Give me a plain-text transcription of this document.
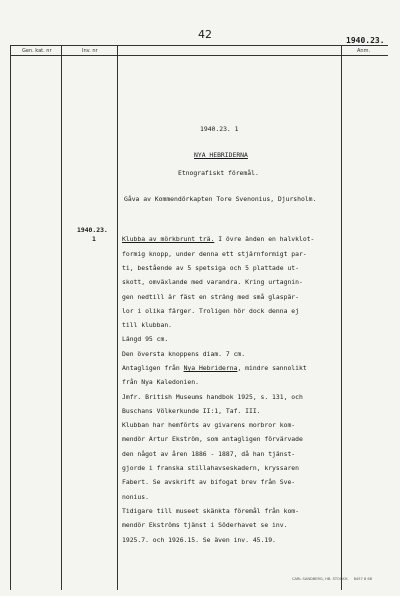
42	1940.23.
Gen. kat. nr	Inv. nr	Anm.
1940.23. 1
NYA HEBRIDERNA
Etnografiskt föremål.
Gåva av Kommendörkapten Tore Svenonius, Djursholm.
1940.23.
1	Klubba av mörkbrunt trä. I övre änden en halvklot-
formig knopp, under denna ett stjärnformigt par-
ti, bestående av 5 spetsiga och 5 plattade ut-
skott, omväxlande med varandra. Kring urtagnin-
gen nedtill är fäst en sträng med små glaspär-
lor i olika färger. Troligen hör dock denna ej
till klubban.
Längd 95 cm.
Den översta knoppens diam. 7 cm.
Antagligen från Nya Hebriderna, mindre sannolikt
från Nya Kaledonien.
Jmfr. British Museums handbok 1925, s. 131, och
Buschans Völkerkunde II:1, Taf. III.
Klubban har hemförts av givarens morbror kom-
mendör Artur Ekström, som antagligen förvärvade
den något av åren 1886 - 1887, då han tjänst-
gjorde i franska stillahavseskadern, kryssaren
Fabert. Se avskrift av bifogat brev från Sve-
nonius.
Tidigare till museet skänkta föremål från kom-
mendör Ekströms tjänst i Söderhavet se inv.
1925.7. och 1926.15. Se även inv. 45.19.
CARL SANDBERG, HB. STOCKH. 8457 8 68
